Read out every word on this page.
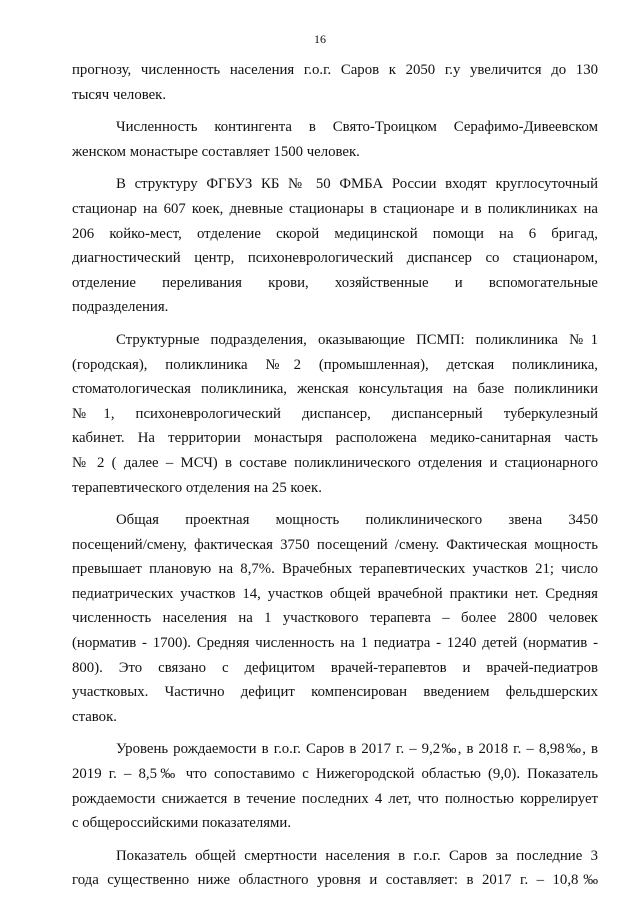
16

прогнозу, численность населения г.о.г. Саров к 2050 г.у увеличится до 130
тысяч человек.

Численность контингента в Свято-Троицком Серафимо-Дивеевском
женском монастыре составляет 1500 человек.

В структуру ФГБУЗ КБ № 50 ФМБА России входят круглосуточный
стационар на 607 коек, дневные стационары в стационаре и в поликлиниках на
206 койко-мест, отделение скорой медицинской помощи на 6 бригад,
диагностический центр, психоневрологический диспансер со стационаром,
отделение переливания крови, хозяйственные и вспомогательные
подразделения.

Структурные подразделения, оказывающие ПСМП: поликлиника №1
(городская), поликлиника №2 (промышленная), детская поликлиника,
стоматологическая поликлиника, женская консультация на базе поликлиники
№1, психоневрологический диспансер, диспансерный туберкулезный
кабинет. На территории монастыря расположена медико-санитарная часть
№ 2 ( далее – МСЧ) в составе поликлинического отделения и стационарного
терапевтического отделения на 25 коек.

Общая проектная мощность поликлинического звена 3450
посещений/смену, фактическая 3750 посещений /смену. Фактическая мощность
превышает плановую на 8,7%. Врачебных терапевтических участков 21; число
педиатрических участков 14, участков общей врачебной практики нет. Средняя
численность населения на 1 участкового терапевта – более 2800 человек
(норматив - 1700). Средняя численность на 1 педиатра - 1240 детей (норматив -
800). Это связано с дефицитом врачей-терапевтов и врачей-педиатров
участковых. Частично дефицит компенсирован введением фельдшерских
ставок.

Уровень рождаемости в г.о.г. Саров в 2017 г. – 9,2‰, в 2018 г. – 8,98‰, в
2019 г. – 8,5‰ что сопоставимо с Нижегородской областью (9,0). Показатель
рождаемости снижается в течение последних 4 лет, что полностью коррелирует
с общероссийскими показателями.

Показатель общей смертности населения в г.о.г. Саров за последние 3
года существенно ниже областного уровня и составляет: в 2017 г. – 10,8‰
